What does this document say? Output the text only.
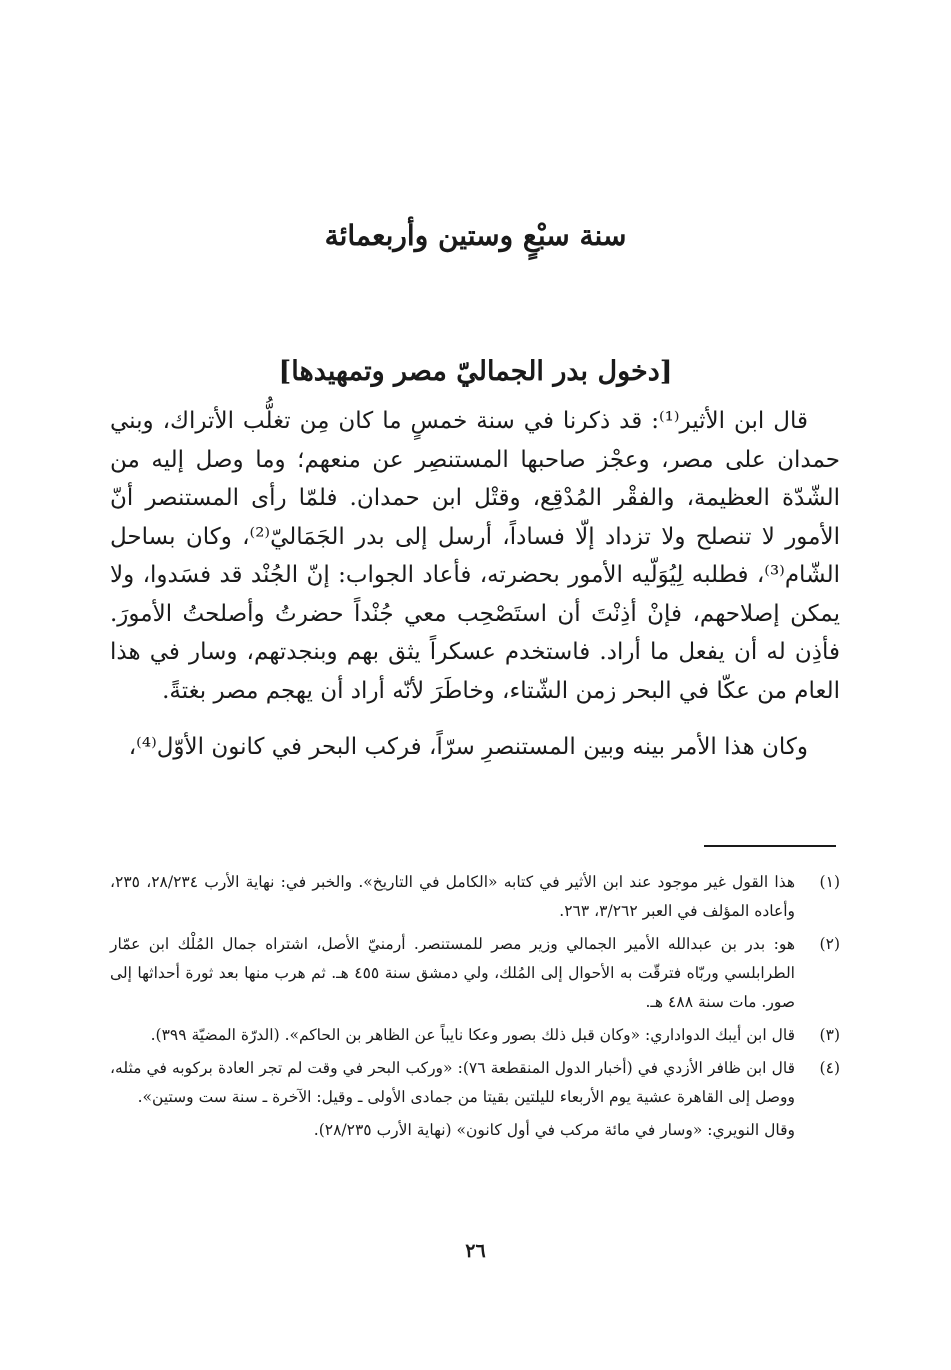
سنة سبْعٍ وستين وأربعمائة
[دخول بدر الجماليّ مصر وتمهيدها]

قال ابن الأثير⁽¹⁾: قد ذكرنا في سنة خمسٍ ما كان مِن تغلُّب الأتراك، وبني حمدان على مصر، وعجْز صاحبها المستنصِر عن منعهم؛ وما وصل إليه من الشّدّة العظيمة، والفقْر المُدْقِع، وقتْل ابن حمدان. فلمّا رأى المستنصر أنّ الأمور لا تنصلح ولا تزداد إلّا فساداً، أرسل إلى بدر الجَمَاليّ⁽²⁾، وكان بساحل الشّام⁽³⁾، فطلبه لِيُوَلّيه الأمور بحضرته، فأعاد الجواب: إنّ الجُنْد قد فسَدوا، ولا يمكن إصلاحهم، فإنْ أذِنْتَ أن استَصْحِب معي جُنْداً حضرتُ وأصلحتُ الأمورَ. فأذِن له أن يفعل ما أراد. فاستخدم عسكراً يثق بهم وبنجدتهم، وسار في هذا العام من عكّا في البحر زمن الشّتاء، وخاطَرَ لأنّه أراد أن يهجم مصر بغتةً.

وكان هذا الأمر بينه وبين المستنصرِ سرّاً، فركب البحر في كانون الأوّل⁽⁴⁾،

(١)
هذا القول غير موجود عند ابن الأثير في كتابه «الكامل في التاريخ». والخبر في: نهاية الأرب ٢٨/٢٣٤، ٢٣٥، وأعاده المؤلف في العبر ٣/٢٦٢، ٢٦٣.
(٢)
هو: بدر بن عبدالله الأمير الجمالي وزير مصر للمستنصر. أرمنيّ الأصل، اشتراه جمال المُلْك ابن عمّار الطرابلسي وربّاه فترقّت به الأحوال إلى المُلك، ولي دمشق سنة ٤٥٥ هـ. ثم هرب منها بعد ثورة أحداثها إلى صور. مات سنة ٤٨٨ هـ.
(٣)
قال ابن أيبك الدواداري: «وكان قبل ذلك بصور وعكا نايباً عن الظاهر بن الحاكم». (الدرّة المضيّة ٣٩٩).
(٤)
قال ابن ظافر الأزدي في (أخبار الدول المنقطعة ٧٦): «وركب البحر في وقت لم تجر العادة بركوبه في مثله، ووصل إلى القاهرة عشية يوم الأربعاء لليلتين بقيتا من جمادى الأولى ـ وقيل: الآخرة ـ سنة ست وستين».
وقال النويري: «وسار في مائة مركب في أول كانون» (نهاية الأرب ٢٨/٢٣٥).
٢٦
